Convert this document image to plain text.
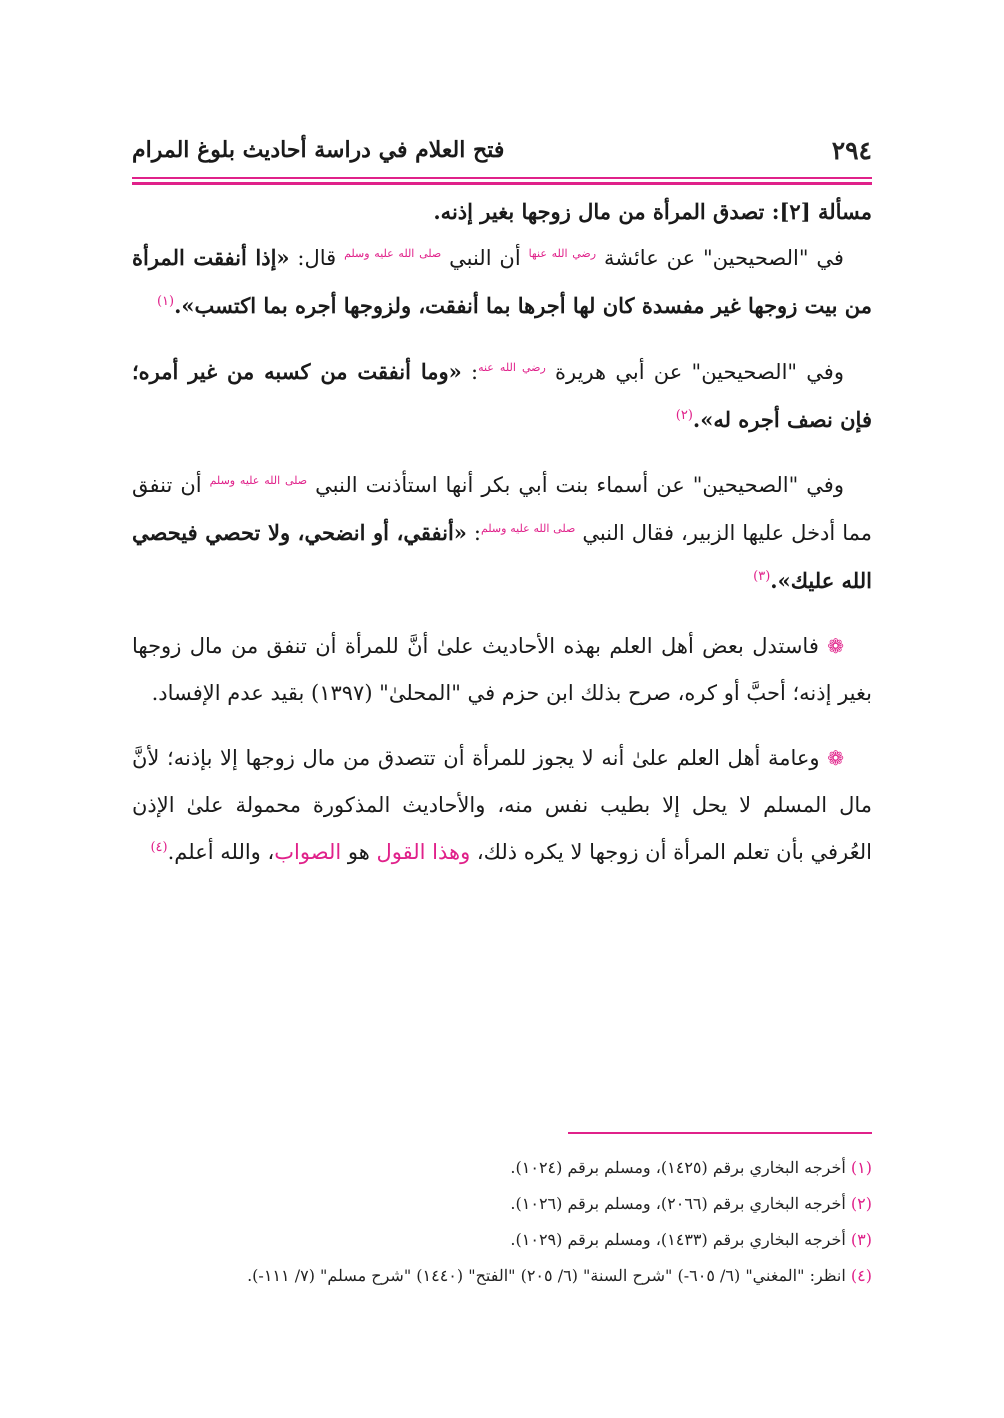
٢٩٤
فتح العلام في دراسة أحاديث بلوغ المرام
مسألة [٢]: تصدق المرأة من مال زوجها بغير إذنه.

في "الصحيحين" عن عائشة $^{رضي الله عنها}$ أن النبي $^{صلى الله عليه وسلم}$ قال: «إذا أنفقت المرأة من بيت زوجها غير مفسدة كان لها أجرها بما أنفقت، ولزوجها أجره بما اكتسب».$^{(١)}$

وفي "الصحيحين" عن أبي هريرة $^{رضي الله عنه}$: «وما أنفقت من كسبه من غير أمره؛ فإن نصف أجره له».$^{(٢)}$

وفي "الصحيحين" عن أسماء بنت أبي بكر أنها استأذنت النبي $^{صلى الله عليه وسلم}$ أن تنفق مما أدخل عليها الزبير، فقال النبي $^{صلى الله عليه وسلم}$: «أنفقي، أو انضحي، ولا تحصي فيحصي الله عليك».$^{(٣)}$

❁ فاستدل بعض أهل العلم بهذه الأحاديث علىٰ أنَّ للمرأة أن تنفق من مال زوجها بغير إذنه؛ أحبَّ أو كره، صرح بذلك ابن حزم في "المحلىٰ" (١٣٩٧) بقيد عدم الإفساد.

❁ وعامة أهل العلم علىٰ أنه لا يجوز للمرأة أن تتصدق من مال زوجها إلا بإذنه؛ لأنَّ مال المسلم لا يحل إلا بطيب نفس منه، والأحاديث المذكورة محمولة علىٰ الإذن العُرفي بأن تعلم المرأة أن زوجها لا يكره ذلك، وهذا القول هو الصواب، والله أعلم.$^{(٤)}$

(١) أخرجه البخاري برقم (١٤٢٥)، ومسلم برقم (١٠٢٤).

(٢) أخرجه البخاري برقم (٢٠٦٦)، ومسلم برقم (١٠٢٦).

(٣) أخرجه البخاري برقم (١٤٣٣)، ومسلم برقم (١٠٢٩).

(٤) انظر: "المغني" (٦/ ٦٠٥-) "شرح السنة" (٦/ ٢٠٥) "الفتح" (١٤٤٠) "شرح مسلم" (٧/ ١١١-).
